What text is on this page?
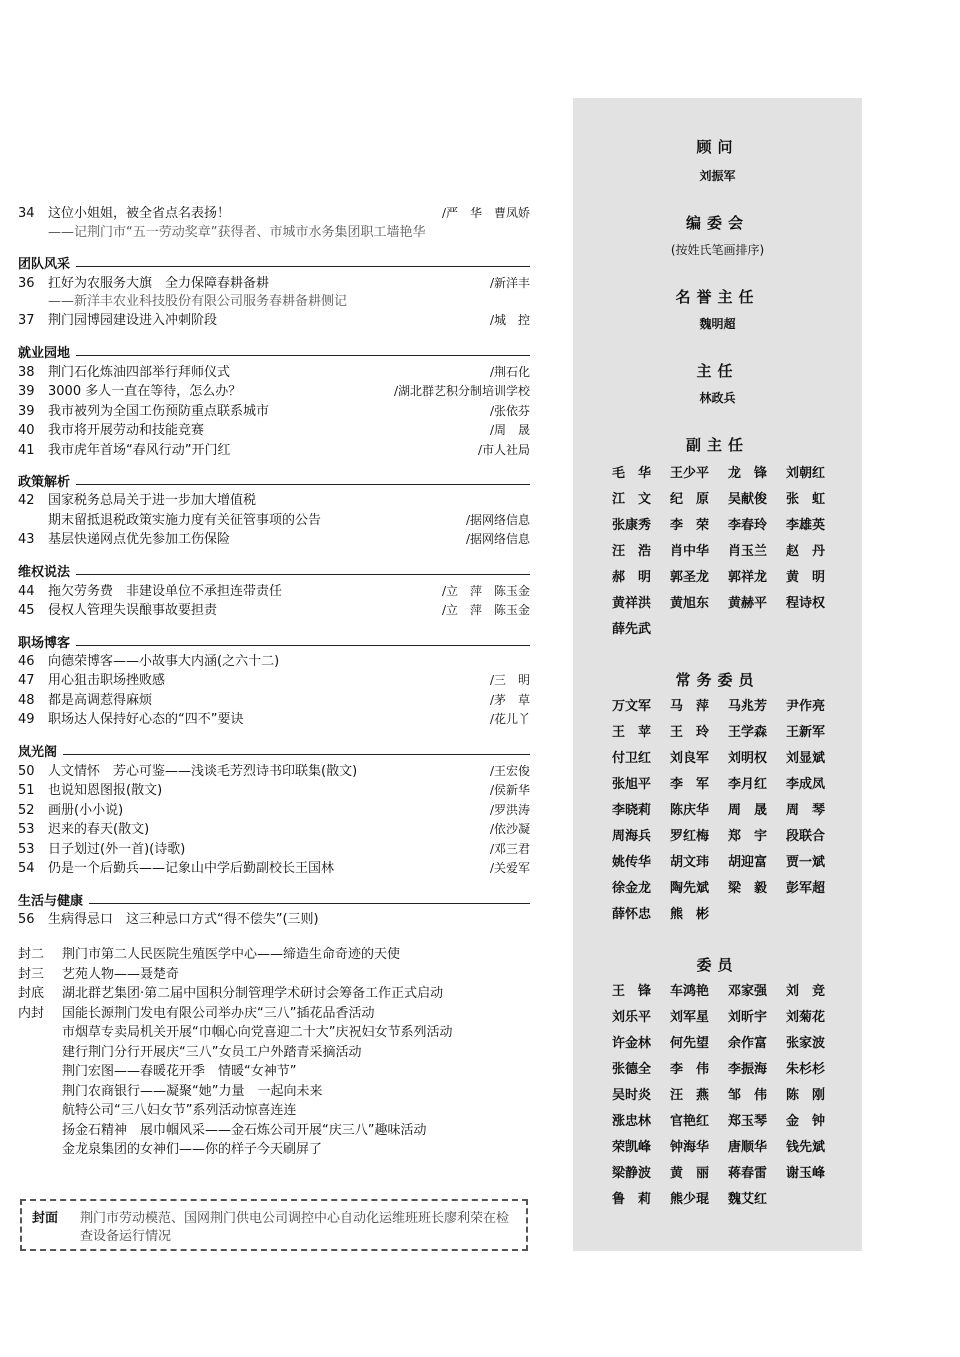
34	这位小姐姐，被全省点名表扬！	/严　华　曹凤娇
——记荆门市“五一劳动奖章”获得者、市城市水务集团职工墙艳华
团队风采
36	扛好为农服务大旗　全力保障春耕备耕	/新洋丰
——新洋丰农业科技股份有限公司服务春耕备耕侧记
37	荆门园博园建设进入冲刺阶段	/城　控
就业园地
38	荆门石化炼油四部举行拜师仪式	/荆石化
39	3000 多人一直在等待，怎么办？	/湖北群艺积分制培训学校
39	我市被列为全国工伤预防重点联系城市	/张依芬
40	我市将开展劳动和技能竞赛	/周　晟
41	我市虎年首场“春风行动”开门红	/市人社局
政策解析
42	国家税务总局关于进一步加大增值税
期末留抵退税政策实施力度有关征管事项的公告	/据网络信息
43	基层快递网点优先参加工伤保险	/据网络信息
维权说法
44	拖欠劳务费　非建设单位不承担连带责任	/立　萍　陈玉金
45	侵权人管理失误酿事故要担责	/立　萍　陈玉金
职场博客
46	向德荣博客——小故事大内涵(之六十二)
47	用心狙击职场挫败感	/三　明
48	都是高调惹得麻烦	/茅　草
49	职场达人保持好心态的“四不”要诀	/花儿丫
岚光阁
50	人文情怀　芳心可鉴——浅谈毛芳烈诗书印联集(散文)	/王宏俊
51	也说知恩图报(散文)	/侯新华
52	画册(小小说)	/罗洪涛
53	迟来的春天(散文)	/依沙凝
53	日子划过(外一首)(诗歌)	/邓三君
54	仍是一个后勤兵——记象山中学后勤副校长王国林	/关爱军
生活与健康
56	生病得忌口　这三种忌口方式“得不偿失”(三则)
封二	荆门市第二人民医院生殖医学中心——缔造生命奇迹的天使
封三	艺苑人物——聂楚奇
封底	湖北群艺集团·第二届中国积分制管理学术研讨会筹备工作正式启动
内封	国能长源荆门发电有限公司举办庆“三八”插花品香活动
市烟草专卖局机关开展“巾帼心向党喜迎二十大”庆祝妇女节系列活动
建行荆门分行开展庆“三八”女员工户外踏青采摘活动
荆门宏图——春暖花开季　情暖“女神节”
荆门农商银行——凝聚“她”力量　一起向未来
航特公司“三八妇女节”系列活动惊喜连连
扬金石精神　展巾帼风采——金石炼公司开展“庆三八”趣味活动
金龙泉集团的女神们——你的样子今天刷屏了
封面 荆门市劳动模范、国网荆门供电公司调控中心自动化运维班班长廖利荣在检查设备运行情况
顾问
刘振军
编委会
(按姓氏笔画排序)
名誉主任
魏明超
主任
林政兵
副主任
毛　华	王少平	龙　锋	刘朝红
江　文	纪　原	吴献俊	张　虹
张康秀	李　荣	李春玲	李雄英
汪　浩	肖中华	肖玉兰	赵　丹
郝　明	郭圣龙	郭祥龙	黄　明
黄祥洪	黄旭东	黄赫平	程诗权
薛先武
常务委员
万文军	马　萍	马兆芳	尹作亮
王　苹	王　玲	王学森	王新军
付卫红	刘良军	刘明权	刘显斌
张旭平	李　军	李月红	李成凤
李晓莉	陈庆华	周　晟	周　琴
周海兵	罗红梅	郑　宇	段联合
姚传华	胡文玮	胡迎富	贾一斌
徐金龙	陶先斌	梁　毅	彭军超
薛怀忠	熊　彬
委员
王　锋	车鸿艳	邓家强	刘　竞
刘乐平	刘军星	刘昕宇	刘菊花
许金林	何先望	余作富	张家波
张德全	李　伟	李振海	朱杉杉
吴时炎	汪　燕	邹　伟	陈　刚
涨忠林	官艳红	郑玉琴	金　钟
荣凯峰	钟海华	唐顺华	钱先斌
梁静波	黄　丽	蒋春雷	谢玉峰
鲁　莉	熊少琨	魏艾红
